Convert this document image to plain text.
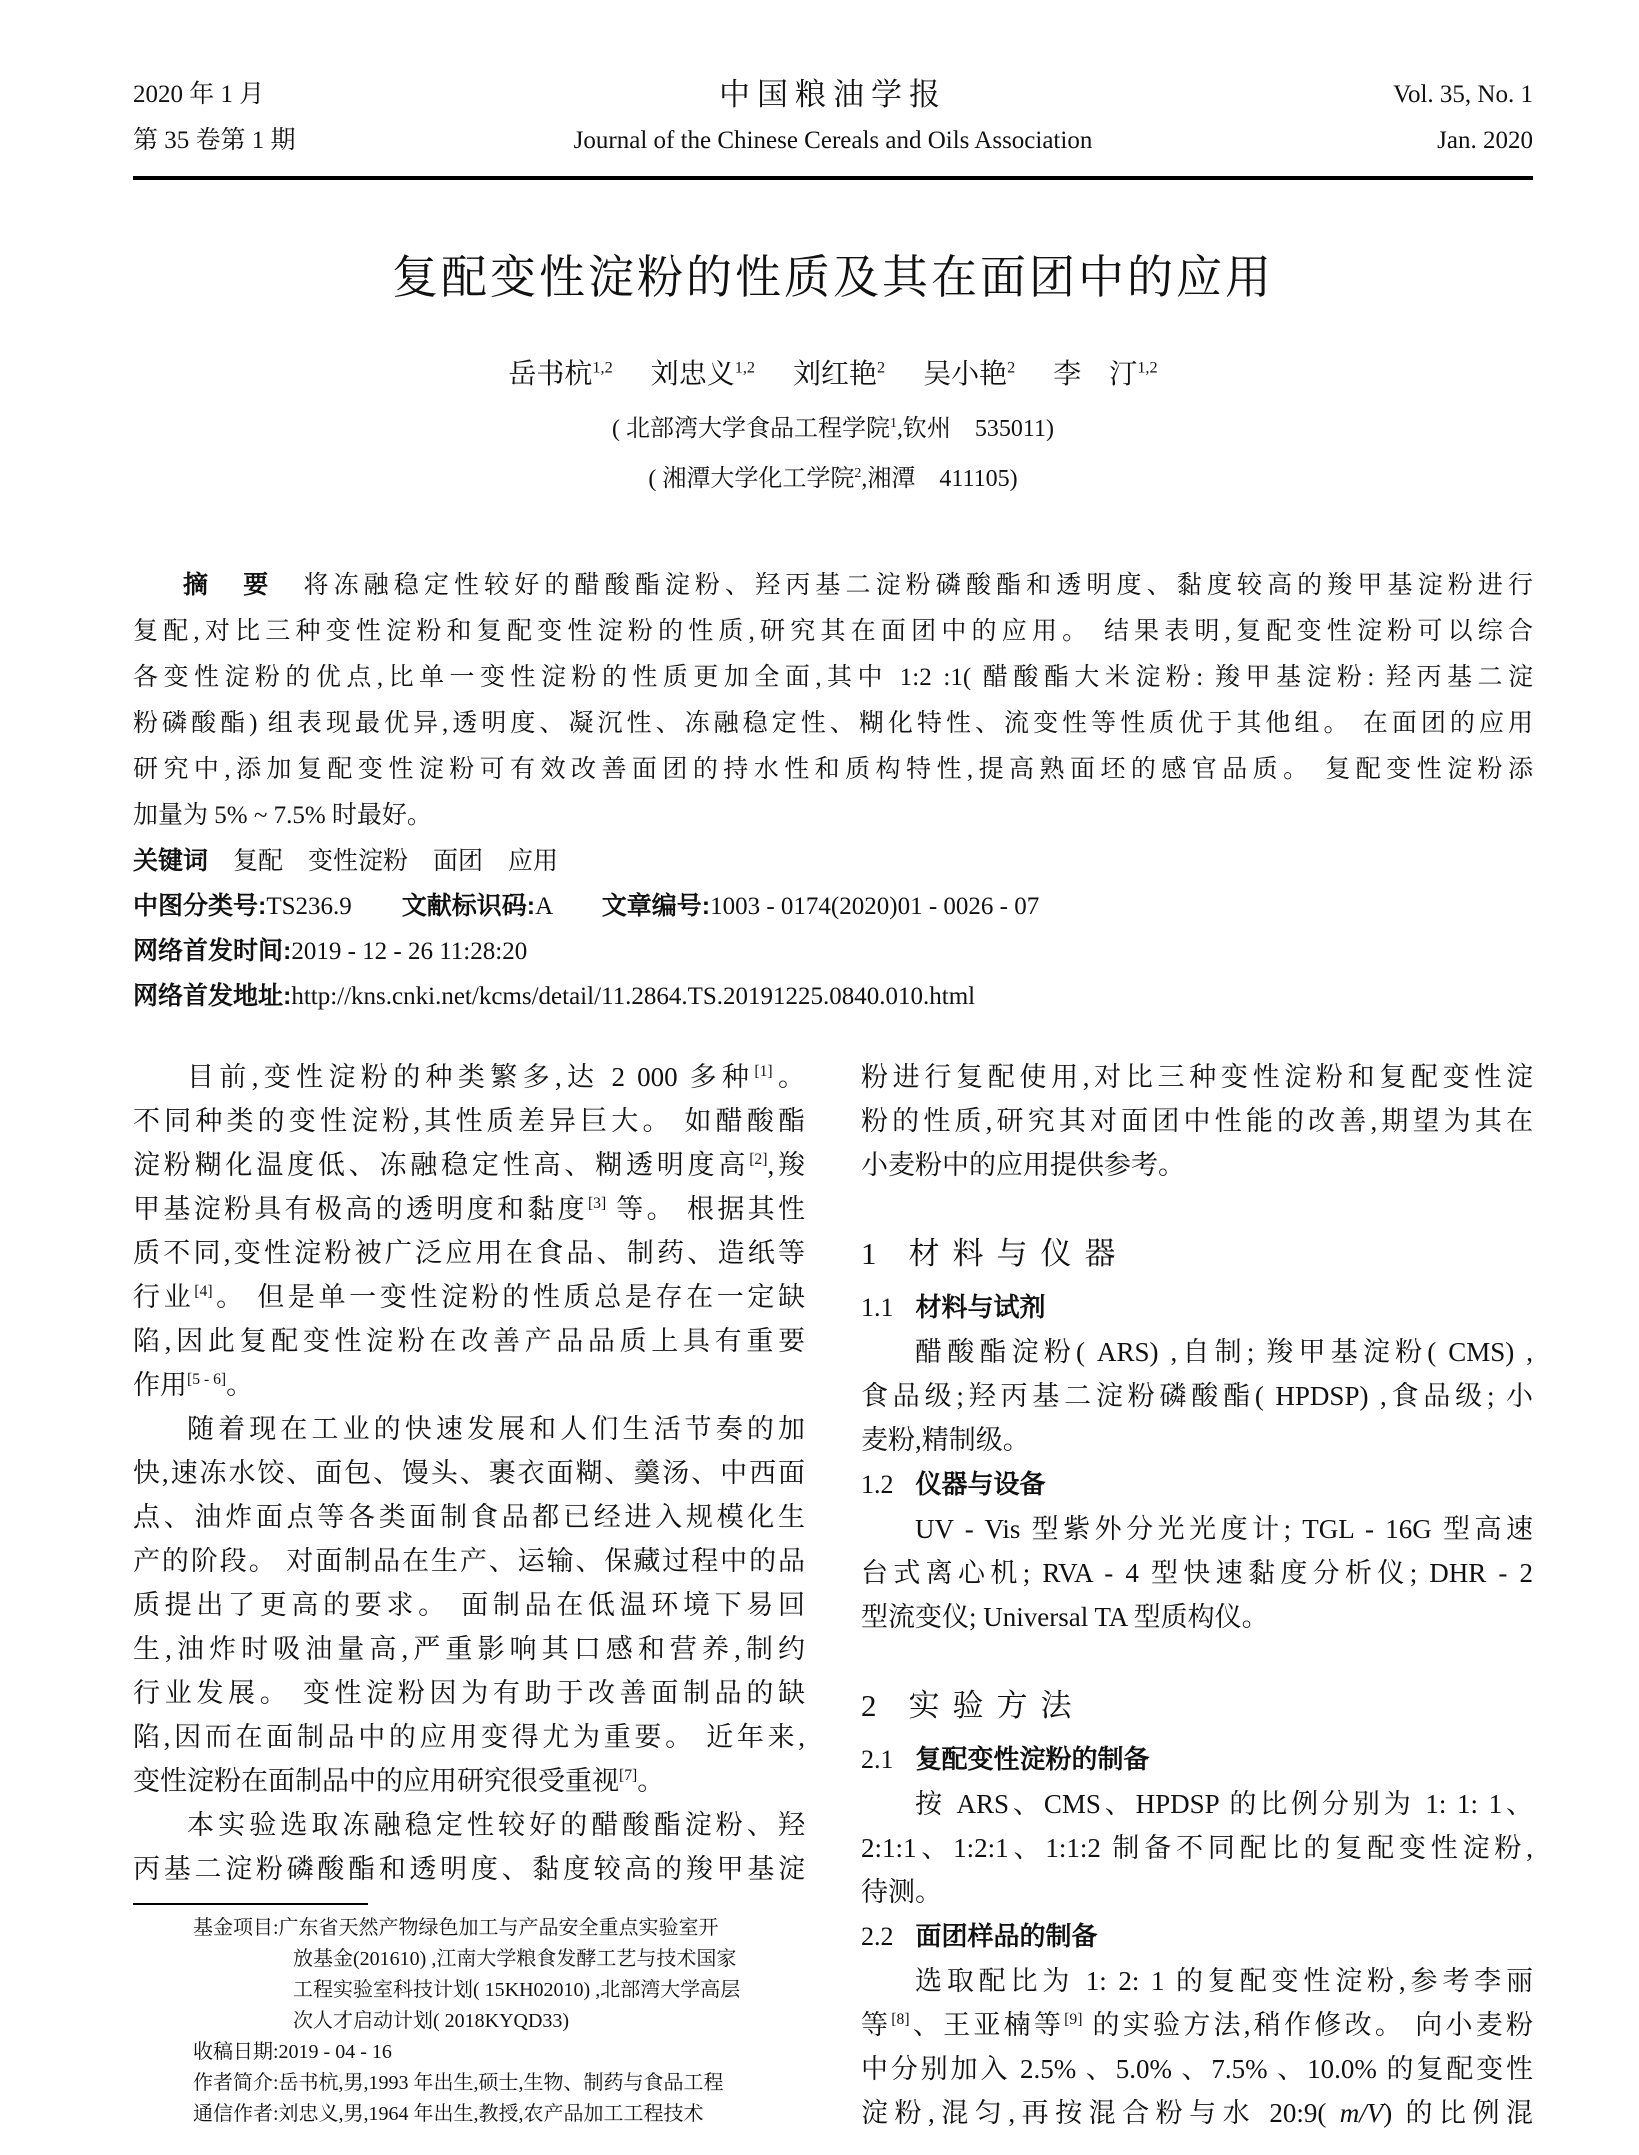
2020 年 1 月
第 35 卷第 1 期
中国粮油学报
Journal of the Chinese Cereals and Oils Association
Vol. 35, No. 1
Jan. 2020
复配变性淀粉的性质及其在面团中的应用
岳书杭$^{1,2}$ 刘忠义$^{1,2}$ 刘红艳$^2$ 吴小艳$^2$ 李　汀$^{1,2}$
( 北部湾大学食品工程学院$^1$,钦州　535011)
( 湘潭大学化工学院$^2$,湘潭　411105)
摘　要　将冻融稳定性较好的醋酸酯淀粉、羟丙基二淀粉磷酸酯和透明度、黏度较高的羧甲基淀粉进行
复配,对比三种变性淀粉和复配变性淀粉的性质,研究其在面团中的应用。 结果表明,复配变性淀粉可以综合
各变性淀粉的优点,比单一变性淀粉的性质更加全面,其中 1:2 :1( 醋酸酯大米淀粉: 羧甲基淀粉: 羟丙基二淀
粉磷酸酯) 组表现最优异,透明度、凝沉性、冻融稳定性、糊化特性、流变性等性质优于其他组。 在面团的应用
研究中,添加复配变性淀粉可有效改善面团的持水性和质构特性,提高熟面坯的感官品质。 复配变性淀粉添
加量为 5% ~ 7.5% 时最好。
关键词　复配　变性淀粉　面团　应用
中图分类号:TS236.9　　文献标识码:A　　文章编号:1003 - 0174(2020)01 - 0026 - 07
网络首发时间:2019 - 12 - 26 11:28:20
网络首发地址:http://kns.cnki.net/kcms/detail/11.2864.TS.20191225.0840.010.html
目前,变性淀粉的种类繁多,达 2 000 多种[1]。
不同种类的变性淀粉,其性质差异巨大。 如醋酸酯
淀粉糊化温度低、冻融稳定性高、糊透明度高[2],羧
甲基淀粉具有极高的透明度和黏度[3] 等。 根据其性
质不同,变性淀粉被广泛应用在食品、制药、造纸等
行业[4]。 但是单一变性淀粉的性质总是存在一定缺
陷,因此复配变性淀粉在改善产品品质上具有重要
作用[5 - 6]。
随着现在工业的快速发展和人们生活节奏的加
快,速冻水饺、面包、馒头、裹衣面糊、羹汤、中西面
点、油炸面点等各类面制食品都已经进入规模化生
产的阶段。 对面制品在生产、运输、保藏过程中的品
质提出了更高的要求。 面制品在低温环境下易回
生,油炸时吸油量高,严重影响其口感和营养,制约
行业发展。 变性淀粉因为有助于改善面制品的缺
陷,因而在面制品中的应用变得尤为重要。 近年来,
变性淀粉在面制品中的应用研究很受重视[7]。
本实验选取冻融稳定性较好的醋酸酯淀粉、羟
丙基二淀粉磷酸酯和透明度、黏度较高的羧甲基淀
基金项目:广东省天然产物绿色加工与产品安全重点实验室开
放基金(201610) ,江南大学粮食发酵工艺与技术国家
工程实验室科技计划( 15KH02010) ,北部湾大学高层
次人才启动计划( 2018KYQD33)
收稿日期:2019 - 04 - 16
作者简介:岳书杭,男,1993 年出生,硕士,生物、制药与食品工程
通信作者:刘忠义,男,1964 年出生,教授,农产品加工工程技术
粉进行复配使用,对比三种变性淀粉和复配变性淀
粉的性质,研究其对面团中性能的改善,期望为其在
小麦粉中的应用提供参考。
1 材料与仪器
1.1 材料与试剂
醋酸酯淀粉( ARS) ,自制; 羧甲基淀粉( CMS) ,
食品级;羟丙基二淀粉磷酸酯( HPDSP) ,食品级; 小
麦粉,精制级。
1.2 仪器与设备
UV - Vis 型紫外分光光度计; TGL - 16G 型高速
台式离心机; RVA - 4 型快速黏度分析仪; DHR - 2
型流变仪; Universal TA 型质构仪。
2 实验方法
2.1 复配变性淀粉的制备
按 ARS、CMS、HPDSP 的比例分别为 1: 1: 1、
2:1:1、1:2:1、1:1:2 制备不同配比的复配变性淀粉,
待测。
2.2 面团样品的制备
选取配比为 1: 2: 1 的复配变性淀粉,参考李丽
等[8]、王亚楠等[9] 的实验方法,稍作修改。 向小麦粉
中分别加入 2.5% 、5.0% 、7.5% 、10.0% 的复配变性
淀粉,混匀,再按混合粉与水 20:9( m/V) 的比例混
